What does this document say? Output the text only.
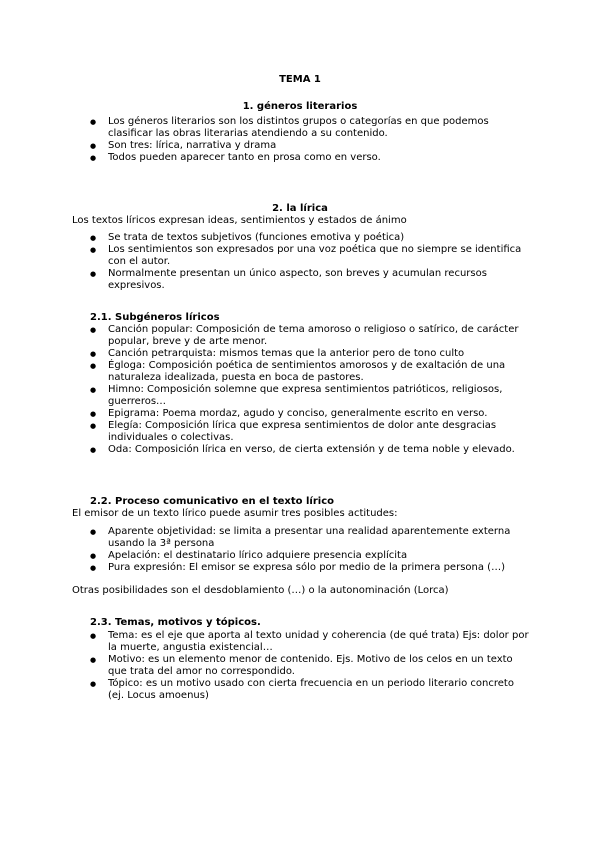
TEMA 1
1. géneros literarios
● Los géneros literarios son los distintos grupos o categorías en que podemos clasificar las obras literarias atendiendo a su contenido.
● Son tres: lírica, narrativa y drama
● Todos pueden aparecer tanto en prosa como en verso.
2. la lírica
Los textos líricos expresan ideas, sentimientos y estados de ánimo
● Se trata de textos subjetivos (funciones emotiva y poética)
● Los sentimientos son expresados por una voz poética que no siempre se identifica con el autor.
● Normalmente presentan un único aspecto, son breves y acumulan recursos expresivos.
2.1. Subgéneros líricos
● Canción popular: Composición de tema amoroso o religioso o satírico, de carácter popular, breve y de arte menor.
● Canción petrarquista: mismos temas que la anterior pero de tono culto
● Égloga: Composición poética de sentimientos amorosos y de exaltación de una naturaleza idealizada, puesta en boca de pastores.
● Himno: Composición solemne que expresa sentimientos patrióticos, religiosos, guerreros…
● Epigrama: Poema mordaz, agudo y conciso, generalmente escrito en verso.
● Elegía: Composición lírica que expresa sentimientos de dolor ante desgracias individuales o colectivas.
● Oda: Composición lírica en verso, de cierta extensión y de tema noble y elevado.
2.2. Proceso comunicativo en el texto lírico
El emisor de un texto lírico puede asumir tres posibles actitudes:
● Aparente objetividad: se limita a presentar una realidad aparentemente externa usando la 3ª persona
● Apelación: el destinatario lírico adquiere presencia explícita
● Pura expresión: El emisor se expresa sólo por medio de la primera persona (…)
Otras posibilidades son el desdoblamiento (…) o la autonominación (Lorca)
2.3. Temas, motivos y tópicos.
● Tema: es el eje que aporta al texto unidad y coherencia (de qué trata) Ejs: dolor por la muerte, angustia existencial…
● Motivo: es un elemento menor de contenido. Ejs. Motivo de los celos en un texto que trata del amor no correspondido.
● Tópico: es un motivo usado con cierta frecuencia en un periodo literario concreto (ej. Locus amoenus)
